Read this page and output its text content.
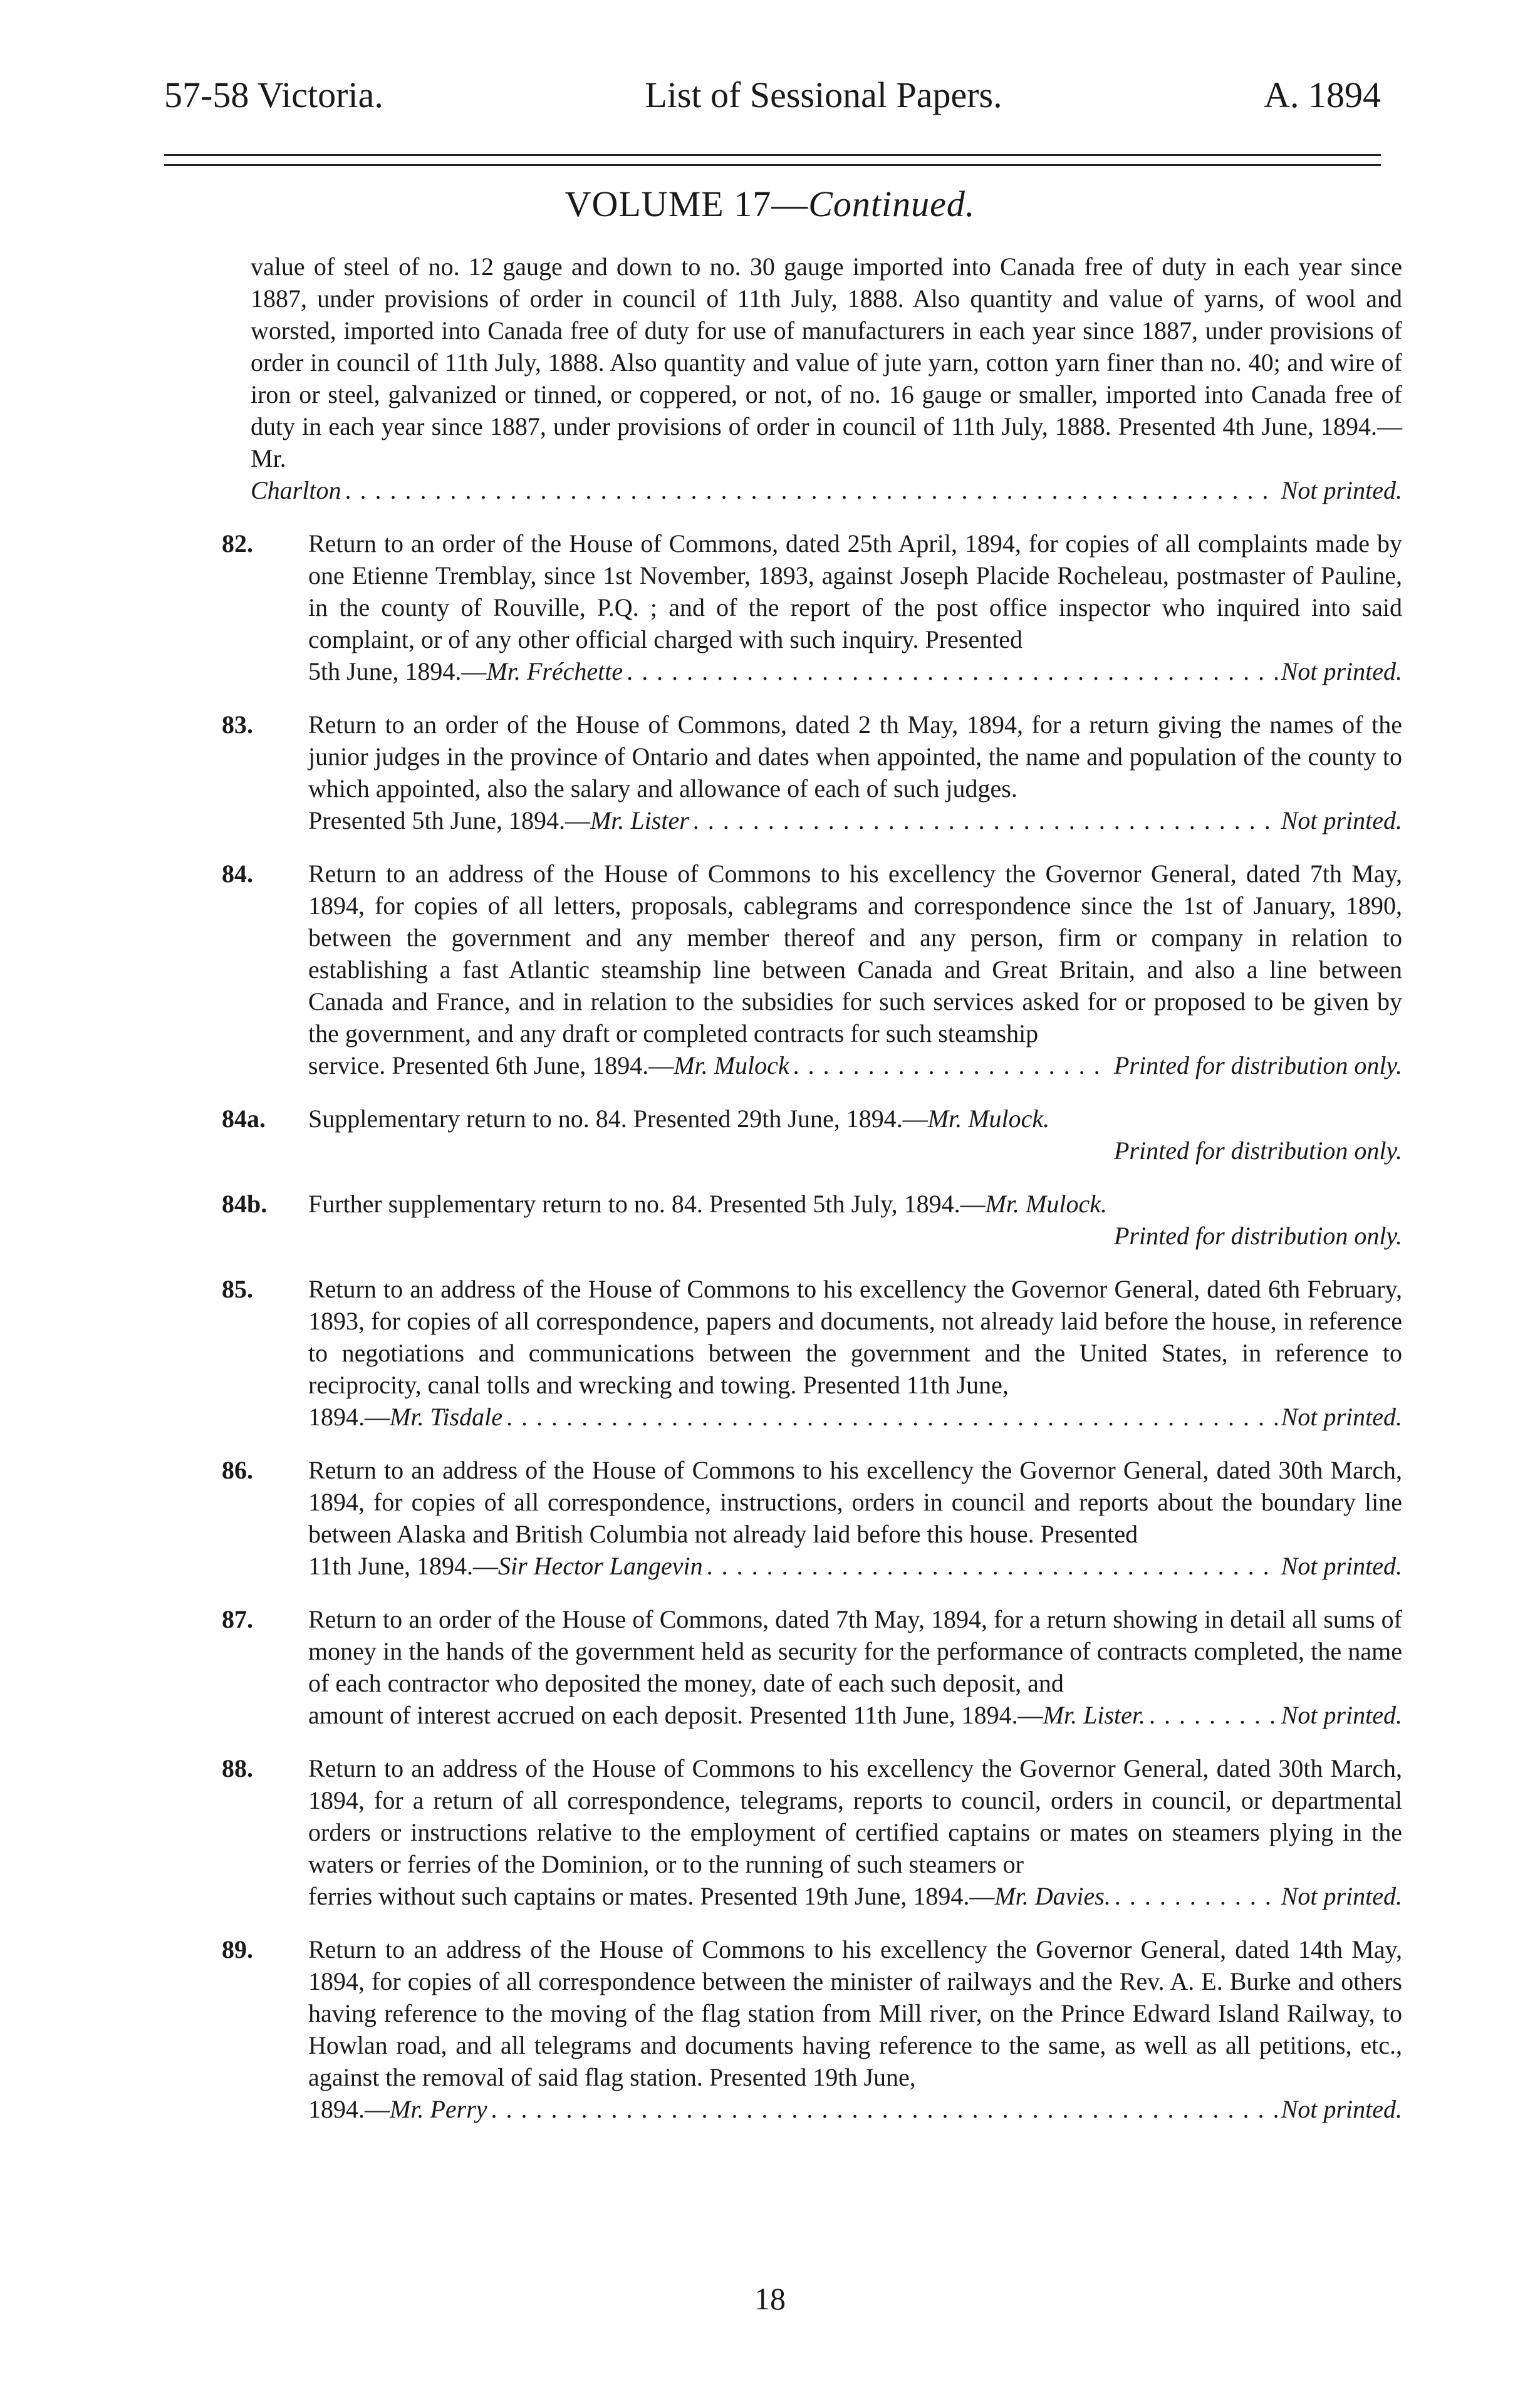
57-58 Victoria.	List of Sessional Papers.	A. 1894
VOLUME 17—Continued.
value of steel of no. 12 gauge and down to no. 30 gauge imported into Canada free of duty in each year since 1887, under provisions of order in council of 11th July, 1888. Also quantity and value of yarns, of wool and worsted, imported into Canada free of duty for use of manufacturers in each year since 1887, under provisions of order in council of 11th July, 1888. Also quantity and value of jute yarn, cotton yarn finer than no. 40; and wire of iron or steel, galvanized or tinned, or coppered, or not, of no. 16 gauge or smaller, imported into Canada free of duty in each year since 1887, under provisions of order in council of 11th July, 1888. Presented 4th June, 1894.—Mr.
Charlton . . .	Not printed.
82.	Return to an order of the House of Commons, dated 25th April, 1894, for copies of all complaints made by one Etienne Tremblay, since 1st November, 1893, against Joseph Placide Rocheleau, postmaster of Pauline, in the county of Rouville, P.Q. ; and of the report of the post office inspector who inquired into said complaint, or of any other official charged with such inquiry. Presented
5th June, 1894.— Mr. Fréchette . . .	Not printed.
83.	Return to an order of the House of Commons, dated 2 th May, 1894, for a return giving the names of the junior judges in the province of Ontario and dates when appointed, the name and population of the county to which appointed, also the salary and allowance of each of such judges.
Presented 5th June, 1894.— Mr. Lister . . .	Not printed.
84.	Return to an address of the House of Commons to his excellency the Governor General, dated 7th May, 1894, for copies of all letters, proposals, cablegrams and correspondence since the 1st of January, 1890, between the government and any member thereof and any person, firm or company in relation to establishing a fast Atlantic steamship line between Canada and Great Britain, and also a line between Canada and France, and in relation to the subsidies for such services asked for or proposed to be given by the government, and any draft or completed contracts for such steamship
service. Presented 6th June, 1894.— Mr. Mulock . . .	Printed for distribution only.
84a.	Supplementary return to no. 84. Presented 29th June, 1894.—Mr. Mulock.
Printed for distribution only.
84b.	Further supplementary return to no. 84. Presented 5th July, 1894.—Mr. Mulock.
Printed for distribution only.
85.	Return to an address of the House of Commons to his excellency the Governor General, dated 6th February, 1893, for copies of all correspondence, papers and documents, not already laid before the house, in reference to negotiations and communications between the government and the United States, in reference to reciprocity, canal tolls and wrecking and towing. Presented 11th June,
1894.— Mr. Tisdale . . .	Not printed.
86.	Return to an address of the House of Commons to his excellency the Governor General, dated 30th March, 1894, for copies of all correspondence, instructions, orders in council and reports about the boundary line between Alaska and British Columbia not already laid before this house. Presented
11th June, 1894.— Sir Hector Langevin . . .	Not printed.
87.	Return to an order of the House of Commons, dated 7th May, 1894, for a return showing in detail all sums of money in the hands of the government held as security for the performance of contracts completed, the name of each contractor who deposited the money, date of each such deposit, and
amount of interest accrued on each deposit. Presented 11th June, 1894.— Mr. Lister. . . .	Not printed.
88.	Return to an address of the House of Commons to his excellency the Governor General, dated 30th March, 1894, for a return of all correspondence, telegrams, reports to council, orders in council, or departmental orders or instructions relative to the employment of certified captains or mates on steamers plying in the waters or ferries of the Dominion, or to the running of such steamers or
ferries without such captains or mates. Presented 19th June, 1894.— Mr. Davies. . . .	Not printed.
89.	Return to an address of the House of Commons to his excellency the Governor General, dated 14th May, 1894, for copies of all correspondence between the minister of railways and the Rev. A. E. Burke and others having reference to the moving of the flag station from Mill river, on the Prince Edward Island Railway, to Howlan road, and all telegrams and documents having reference to the same, as well as all petitions, etc., against the removal of said flag station. Presented 19th June,
1894.— Mr. Perry . . .	Not printed.
18
